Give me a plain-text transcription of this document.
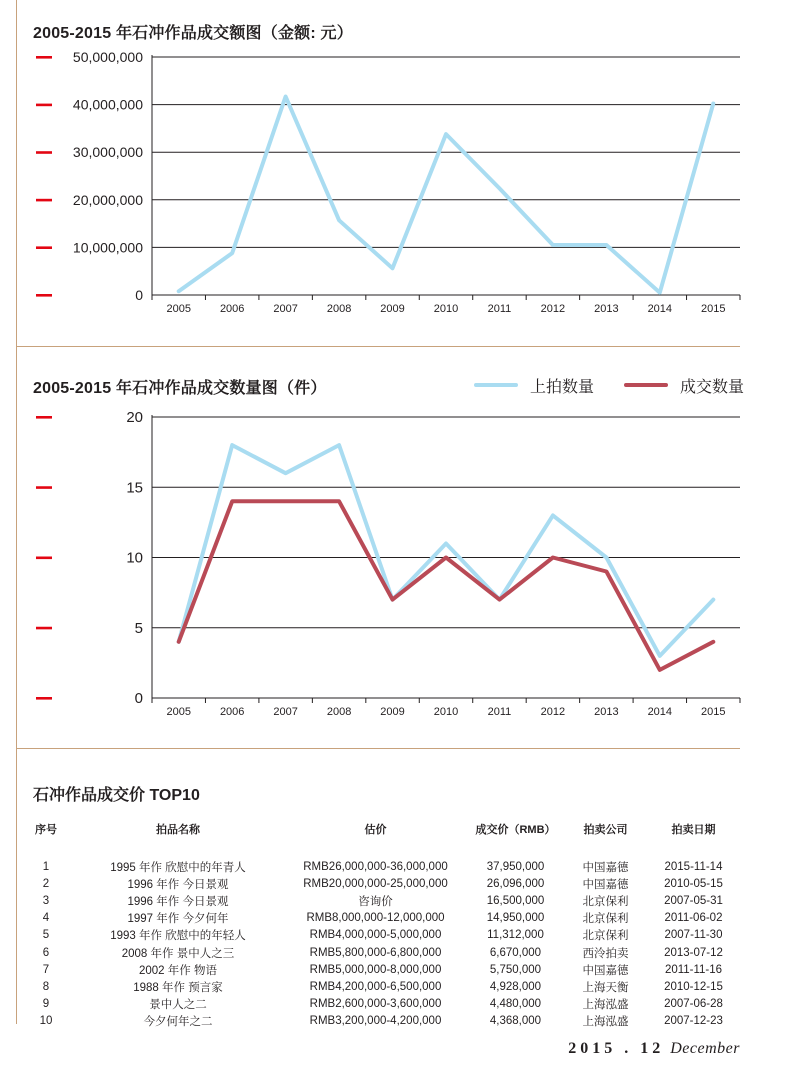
2005-2015 年石冲作品成交额图（金额: 元）
0
10,000,000
20,000,000
30,000,000
40,000,000
50,000,000
2005	2006	2007	2008	2009	2010	2011	2012	2013	2014	2015
2005-2015 年石冲作品成交数量图（件）	上拍数量	成交数量
0
5
10
15
20
2005	2006	2007	2008	2009	2010	2011	2012	2013	2014	2015
石冲作品成交价 TOP10
序号	拍品名称	估价	成交价（RMB）	拍卖公司	拍卖日期

1	1995 年作 欣慰中的年青人	RMB26,000,000-36,000,000	37,950,000	中国嘉德	2015-11-14
2	1996 年作 今日景观	RMB20,000,000-25,000,000	26,096,000	中国嘉德	2010-05-15
3	1996 年作 今日景观	咨询价	16,500,000	北京保利	2007-05-31
4	1997 年作 今夕何年	RMB8,000,000-12,000,000	14,950,000	北京保利	2011-06-02
5	1993 年作 欣慰中的年轻人	RMB4,000,000-5,000,000	11,312,000	北京保利	2007-11-30
6	2008 年作 景中人之三	RMB5,800,000-6,800,000	6,670,000	西泠拍卖	2013-07-12
7	2002 年作 物语	RMB5,000,000-8,000,000	5,750,000	中国嘉德	2011-11-16
8	1988 年作 预言家	RMB4,200,000-6,500,000	4,928,000	上海天衡	2010-12-15
9	景中人之二	RMB2,600,000-3,600,000	4,480,000	上海泓盛	2007-06-28
10	今夕何年之二	RMB3,200,000-4,200,000	4,368,000	上海泓盛	2007-12-23
2015 . 12 December
